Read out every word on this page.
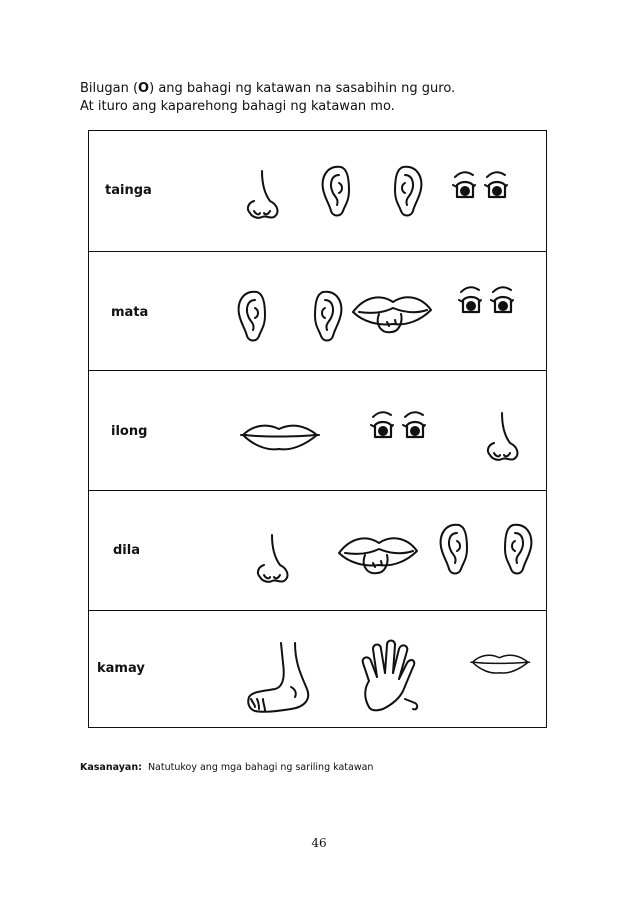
Bilugan (O) ang bahagi ng katawan na sasabihin ng guro.
At ituro ang kaparehong bahagi ng katawan mo.
tainga
mata
ilong
dila
kamay
Kasanayan: Natutukoy ang mga bahagi ng sariling katawan
46
